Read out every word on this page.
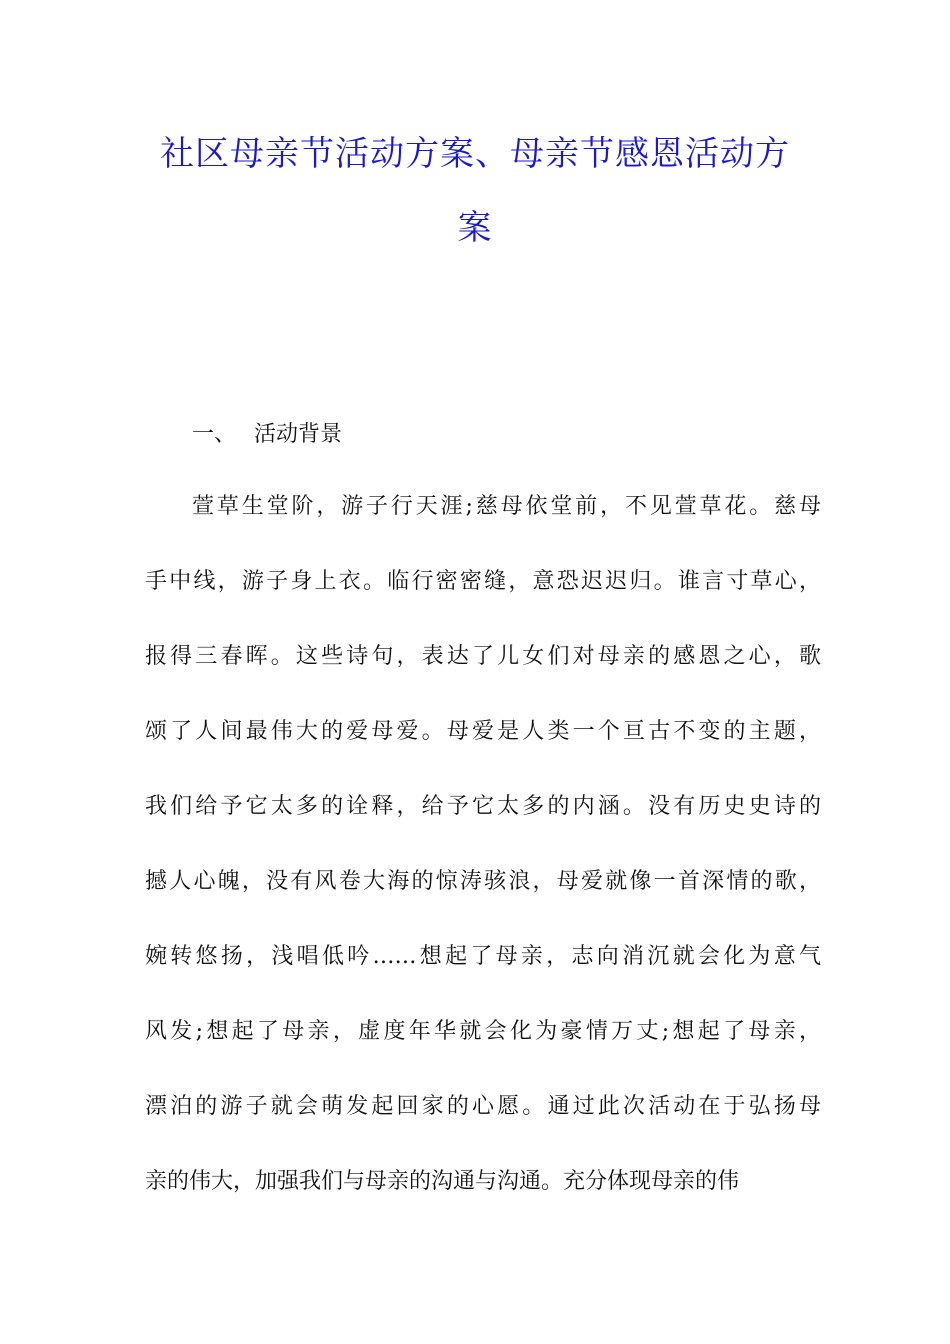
社区母亲节活动方案、母亲节感恩活动方
案
一、 活动背景
萱草生堂阶，游子行天涯;慈母依堂前，不见萱草花。慈母
手中线，游子身上衣。临行密密缝，意恐迟迟归。谁言寸草心，
报得三春晖。这些诗句，表达了儿女们对母亲的感恩之心，歌
颂了人间最伟大的爱母爱。母爱是人类一个亘古不变的主题，
我们给予它太多的诠释，给予它太多的内涵。没有历史史诗的
撼人心魄，没有风卷大海的惊涛骇浪，母爱就像一首深情的歌，
婉转悠扬，浅唱低吟……想起了母亲，志向消沉就会化为意气
风发;想起了母亲，虚度年华就会化为豪情万丈;想起了母亲，
漂泊的游子就会萌发起回家的心愿。通过此次活动在于弘扬母
亲的伟大，加强我们与母亲的沟通与沟通。充分体现母亲的伟
